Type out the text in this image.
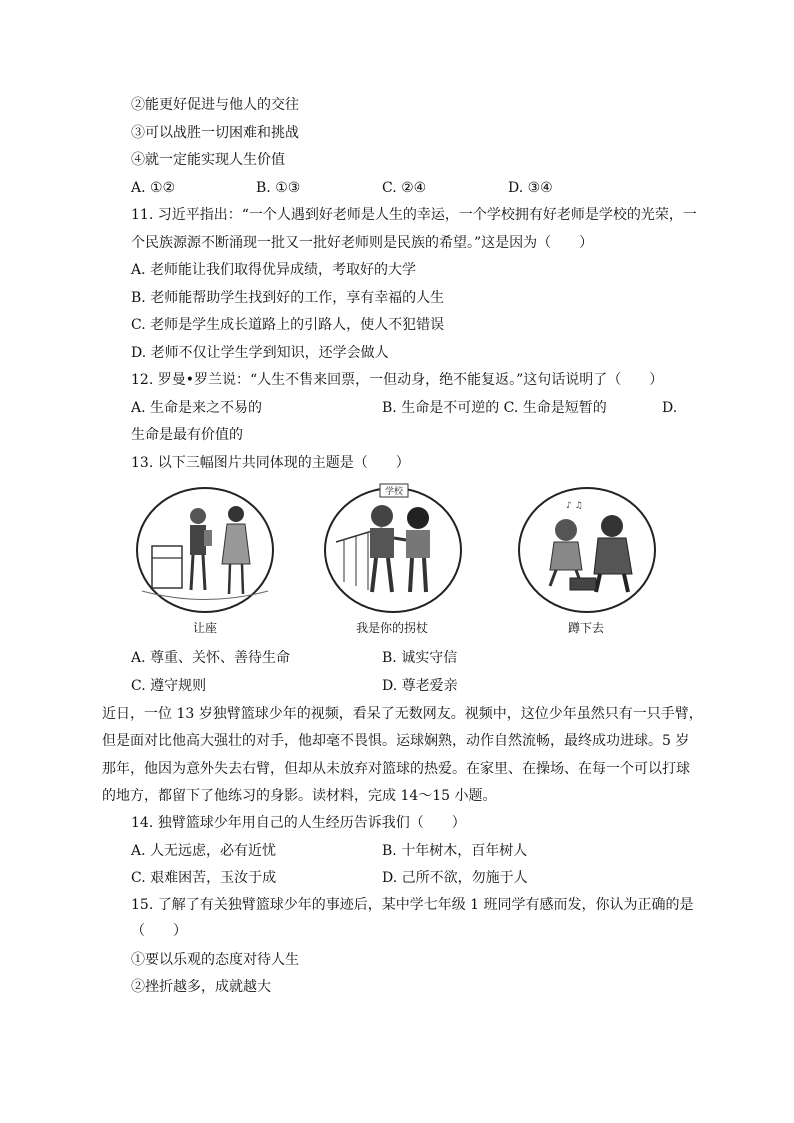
②能更好促进与他人的交往
③可以战胜一切困难和挑战
④就一定能实现人生价值
A. ①②	B. ①③	C. ②④	D. ③④
11. 习近平指出：“一个人遇到好老师是人生的幸运，一个学校拥有好老师是学校的光荣，一
个民族源源不断涌现一批又一批好老师则是民族的希望。”这是因为（　　）
A. 老师能让我们取得优异成绩，考取好的大学
B. 老师能帮助学生找到好的工作，享有幸福的人生
C. 老师是学生成长道路上的引路人，使人不犯错误
D. 老师不仅让学生学到知识，还学会做人
12. 罗曼•罗兰说：“人生不售来回票，一但动身，绝不能复返。”这句话说明了（　　）
A. 生命是来之不易的	B. 生命是不可逆的 C. 生命是短暂的	D.
生命是最有价值的
13. 以下三幅图片共同体现的主题是（　　）
让座
学校
我是你的拐杖
♪ ♫
蹲下去
A. 尊重、关怀、善待生命	B. 诚实守信
C. 遵守规则	D. 尊老爱亲
近日，一位 13 岁独臂篮球少年的视频，看呆了无数网友。视频中，这位少年虽然只有一只手臂，
但是面对比他高大强壮的对手，他却毫不畏惧。运球娴熟，动作自然流畅，最终成功进球。5 岁
那年，他因为意外失去右臂，但却从未放弃对篮球的热爱。在家里、在操场、在每一个可以打球
的地方，都留下了他练习的身影。读材料，完成 14～15 小题。
14. 独臂篮球少年用自己的人生经历告诉我们（　　）
A. 人无远虑，必有近忧	B. 十年树木，百年树人
C. 艰难困苦，玉汝于成	D. 己所不欲，勿施于人
15. 了解了有关独臂篮球少年的事迹后，某中学七年级 1 班同学有感而发，你认为正确的是
（　　）
①要以乐观的态度对待人生
②挫折越多，成就越大
